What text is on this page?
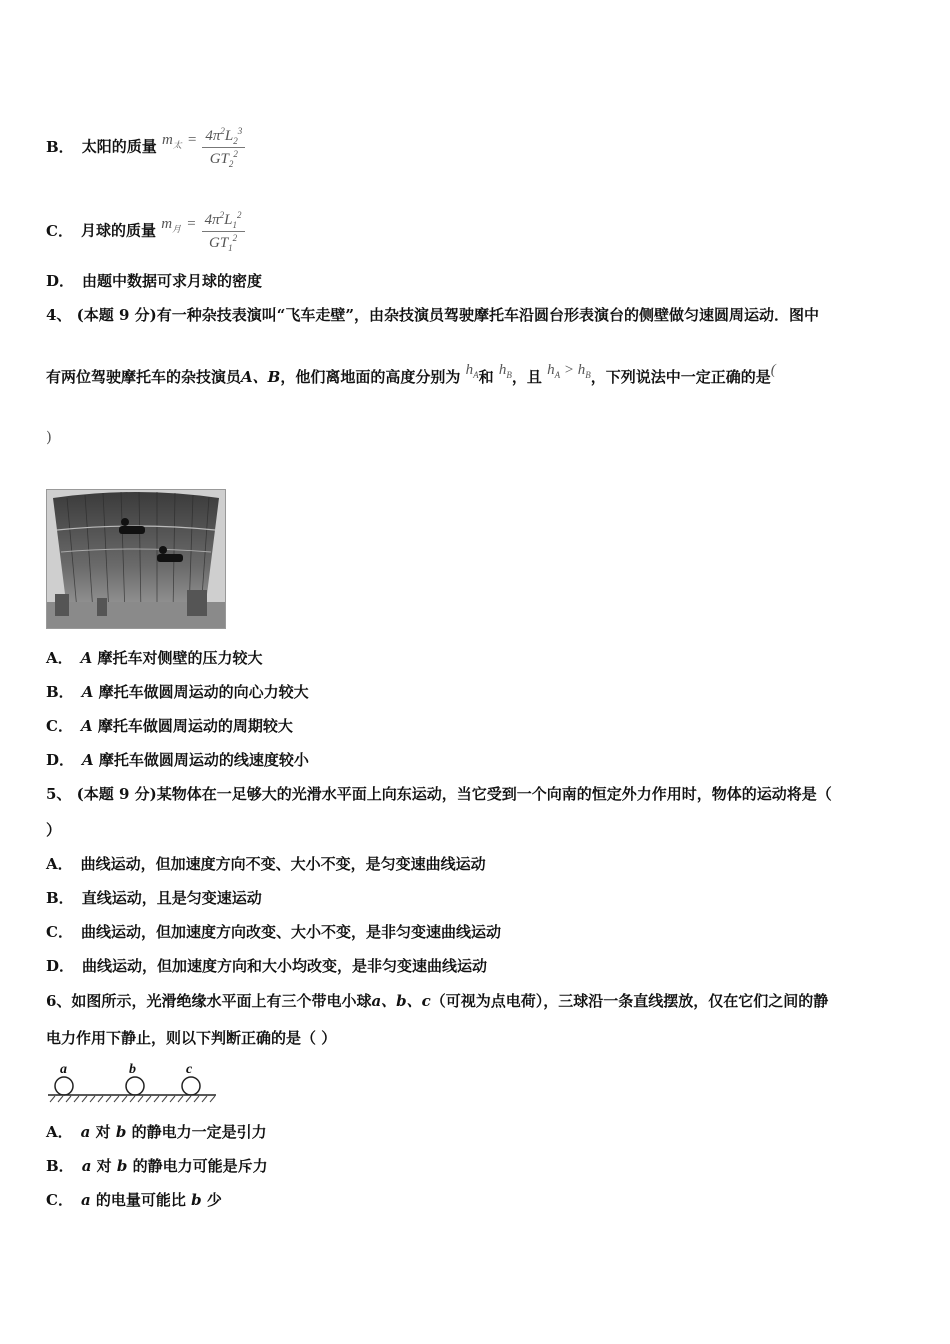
B． 太阳的质量 $m_太 = \frac{4\pi^2L_2^3}{GT_2^2}$
C． 月球的质量 $m_月 = \frac{4\pi^2L_1^2}{GT_1^2}$
D． 由题中数据可求月球的密度
4、 (本题 9 分)有一种杂技表演叫“飞车走壁”，由杂技演员驾驶摩托车沿圆台形表演台的侧壁做匀速圆周运动．图中
有两位驾驶摩托车的杂技演员A、B，他们离地面的高度分别为 $h_A$和 $h_B$，且 $h_A > h_B$，下列说法中一定正确的是(
)
A． A 摩托车对侧壁的压力较大
B． A 摩托车做圆周运动的向心力较大
C． A 摩托车做圆周运动的周期较大
D． A 摩托车做圆周运动的线速度较小
5、 (本题 9 分)某物体在一足够大的光滑水平面上向东运动，当它受到一个向南的恒定外力作用时，物体的运动将是（
）
A． 曲线运动，但加速度方向不变、大小不变，是匀变速曲线运动
B． 直线运动，且是匀变速运动
C． 曲线运动，但加速度方向改变、大小不变，是非匀变速曲线运动
D． 曲线运动，但加速度方向和大小均改变，是非匀变速曲线运动
6、如图所示，光滑绝缘水平面上有三个带电小球a、b、c（可视为点电荷），三球沿一条直线摆放，仅在它们之间的静
电力作用下静止，则以下判断正确的是（ ）
a	b	c
A． a 对 b 的静电力一定是引力
B． a 对 b 的静电力可能是斥力
C． a 的电量可能比 b 少
